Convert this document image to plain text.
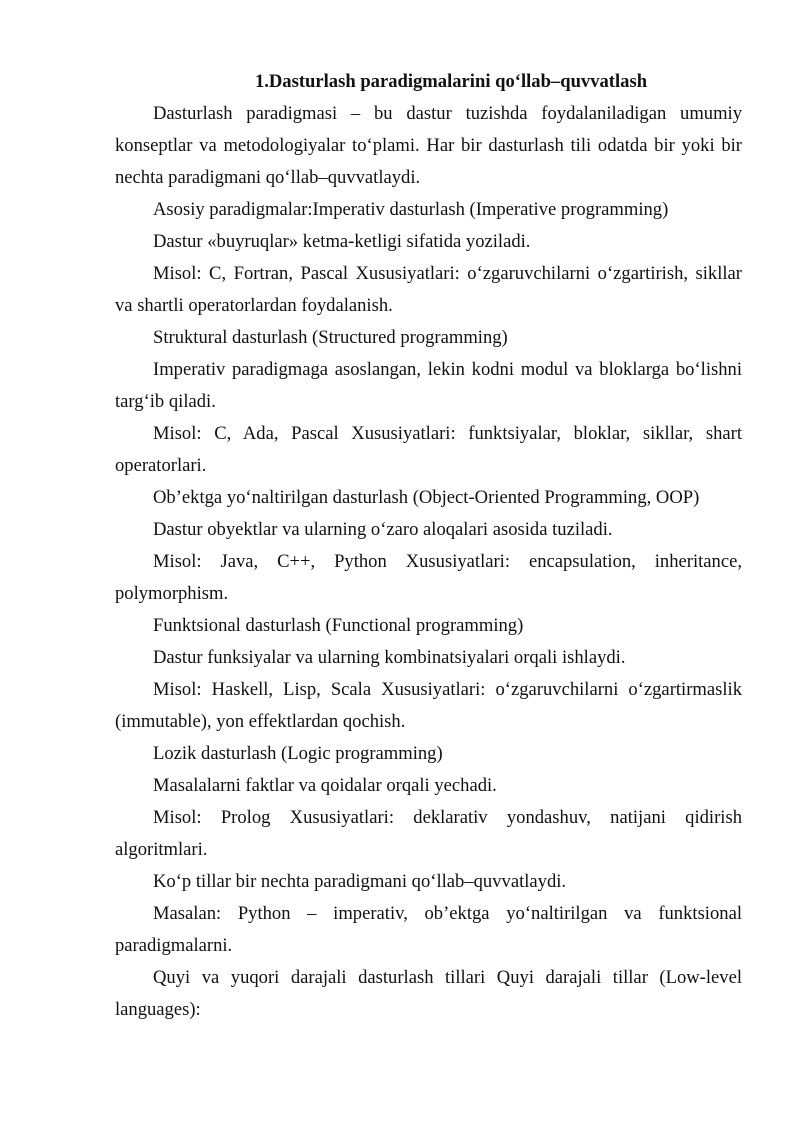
1.Dasturlash paradigmalarini qo‘llab–quvvatlash

Dasturlash paradigmasi – bu dastur tuzishda foydalaniladigan umumiy konseptlar va metodologiyalar to‘plami. Har bir dasturlash tili odatda bir yoki bir nechta paradigmani qo‘llab–quvvatlaydi.

Asosiy paradigmalar:Imperativ dasturlash (Imperative programming)

Dastur «buyruqlar» ketma-ketligi sifatida yoziladi.

Misol: C, Fortran, Pascal Xususiyatlari: o‘zgaruvchilarni o‘zgartirish, sikllar va shartli operatorlardan foydalanish.

Struktural dasturlash (Structured programming)

Imperativ paradigmaga asoslangan, lekin kodni modul va bloklarga bo‘lishni targ‘ib qiladi.

Misol: C, Ada, Pascal Xususiyatlari: funktsiyalar, bloklar, sikllar, shart operatorlari.

Ob’ektga yo‘naltirilgan dasturlash (Object-Oriented Programming, OOP)

Dastur obyektlar va ularning o‘zaro aloqalari asosida tuziladi.

Misol: Java, C++, Python Xususiyatlari: encapsulation, inheritance, polymorphism.

Funktsional dasturlash (Functional programming)

Dastur funksiyalar va ularning kombinatsiyalari orqali ishlaydi.

Misol: Haskell, Lisp, Scala Xususiyatlari: o‘zgaruvchilarni o‘zgartirmaslik (immutable), yon effektlardan qochish.

Lozik dasturlash (Logic programming)

Masalalarni faktlar va qoidalar orqali yechadi.

Misol: Prolog Xususiyatlari: deklarativ yondashuv, natijani qidirish algoritmlari.

Ko‘p tillar bir nechta paradigmani qo‘llab–quvvatlaydi.

Masalan: Python – imperativ, ob’ektga yo‘naltirilgan va funktsional paradigmalarni.

Quyi va yuqori darajali dasturlash tillari Quyi darajali tillar (Low-level languages):
